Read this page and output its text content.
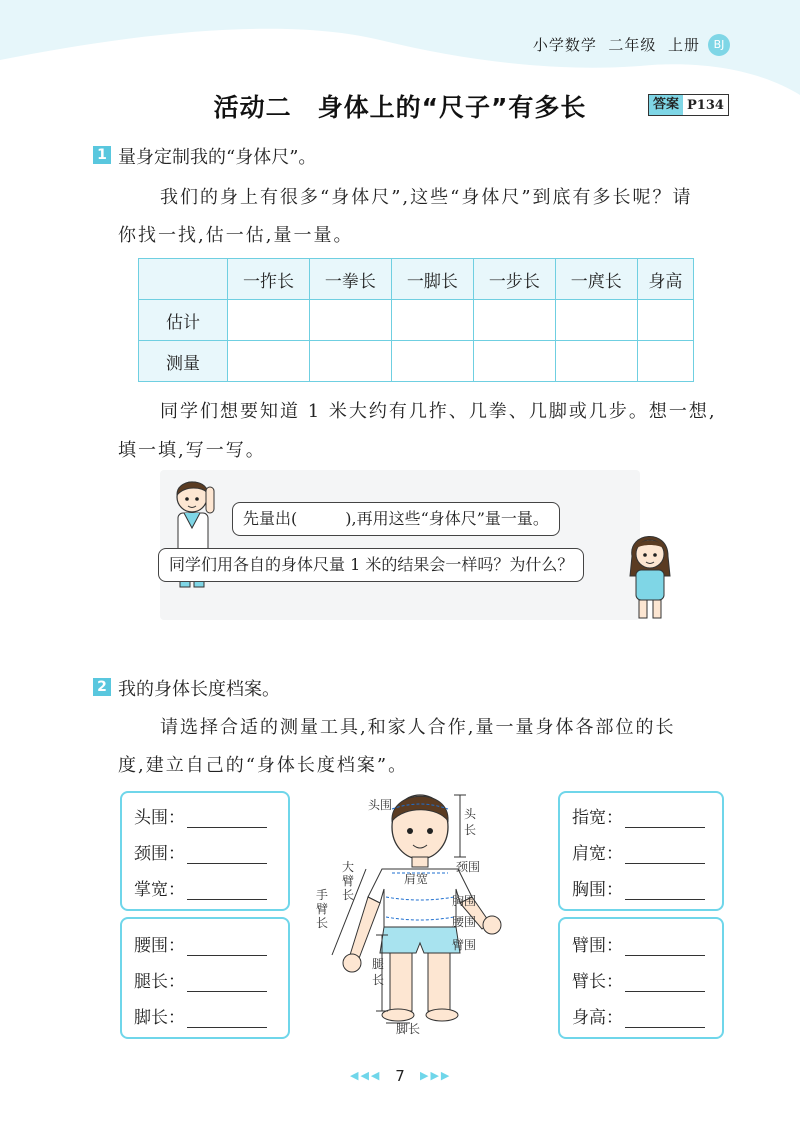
小学数学 二年级 上册	BJ
活动二　身体上的“尺子”有多长	答案 P134
1 量身定制我的“身体尺”。
我们的身上有很多“身体尺”,这些“身体尺”到底有多长呢？请
你找一找,估一估,量一量。
	一拃长	一拳长	一脚长	一步长	一庹长	身高
估计						
测量						
同学们想要知道 1 米大约有几拃、几拳、几脚或几步。想一想,
填一填,写一写。
先量出(　　　),再用这些“身体尺”量一量。
同学们用各自的身体尺量 1 米的结果会一样吗？为什么？
2 我的身体长度档案。
请选择合适的测量工具,和家人合作,量一量身体各部位的长
度,建立自己的“身体长度档案”。
头围：
颈围：
掌宽：
腰围：
腿长：
脚长：
指宽：
肩宽：
胸围：
臂围：
臂长：
身高：
头围
头长
颈围
肩宽
胸围
腰围
臂围
腿长
脚长
手臂长
大臂长
◀◀◀ 7	▶▶▶
